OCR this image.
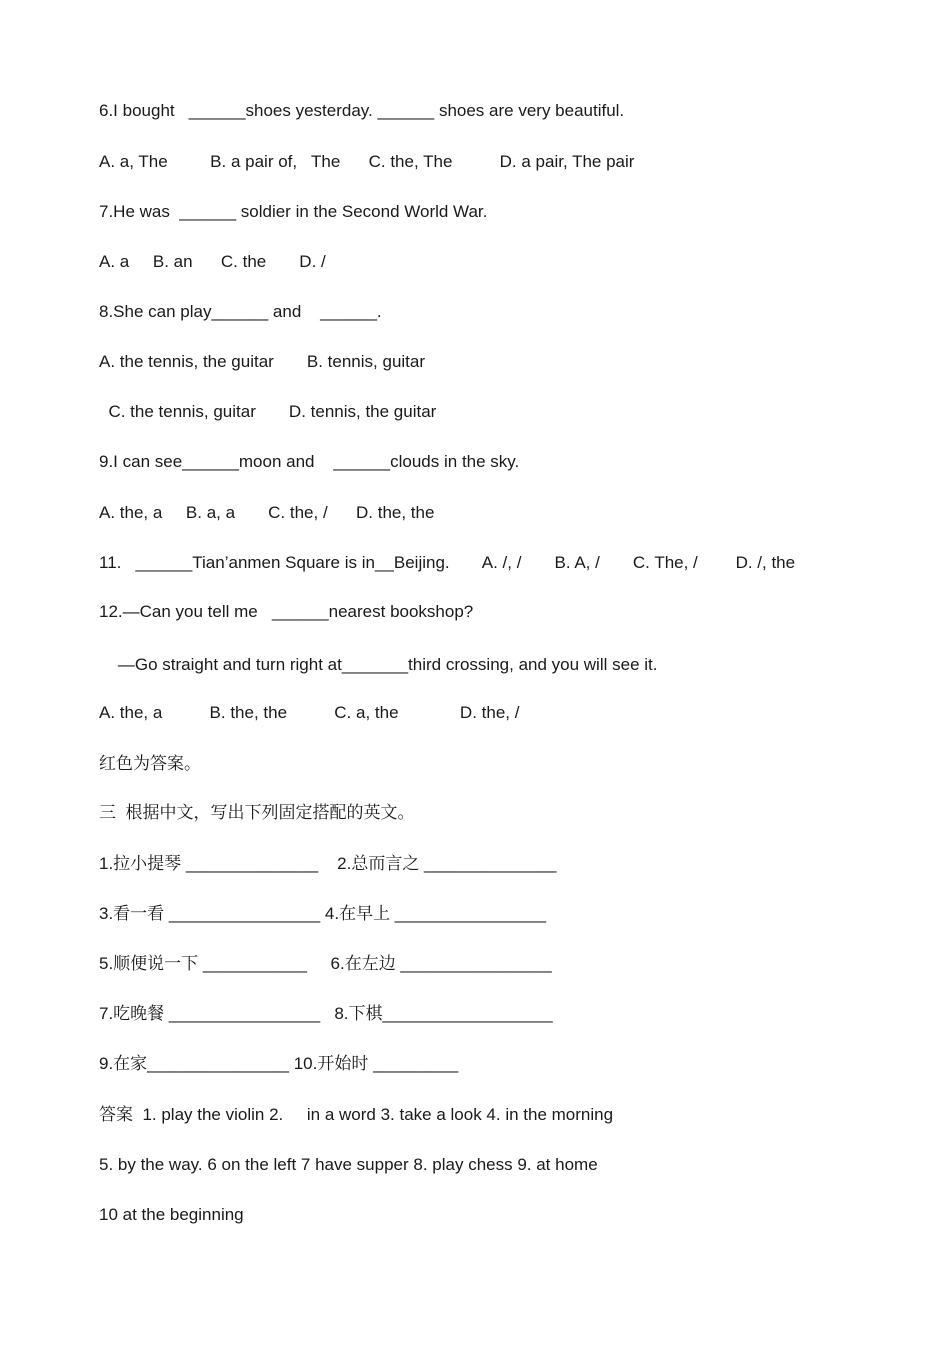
6.I bought   ______shoes yesterday. ______ shoes are very beautiful.
A. a, The         B. a pair of,   The      C. the, The          D. a pair, The pair
7.He was  ______ soldier in the Second World War.
A. a     B. an      C. the       D. /
8.She can play______ and    ______.
A. the tennis, the guitar       B. tennis, guitar
C. the tennis, guitar       D. tennis, the guitar
9.I can see______moon and    ______clouds in the sky.
A. the, a     B. a, a       C. the, /      D. the, the
11.   ______Tian’anmen Square is in__Beijing.       A. /, /       B. A, /       C. The, /        D. /, the
12.—Can you tell me   ______nearest bookshop?
—Go straight and turn right at_______third crossing, and you will see it.
A. the, a          B. the, the          C. a, the             D. the, /
红色为答案。
三  根据中文，写出下列固定搭配的英文。
1.拉小提琴 ______________    2.总而言之 ______________
3.看一看 ________________ 4.在早上 ________________
5.顺便说一下 ___________     6.在左边 ________________
7.吃晚餐 ________________   8.下棋__________________
9.在家_______________ 10.开始时 _________
答案  1. play the violin 2.     in a word 3. take a look 4. in the morning
5. by the way. 6 on the left 7 have supper 8. play chess 9. at home
10 at the beginning
